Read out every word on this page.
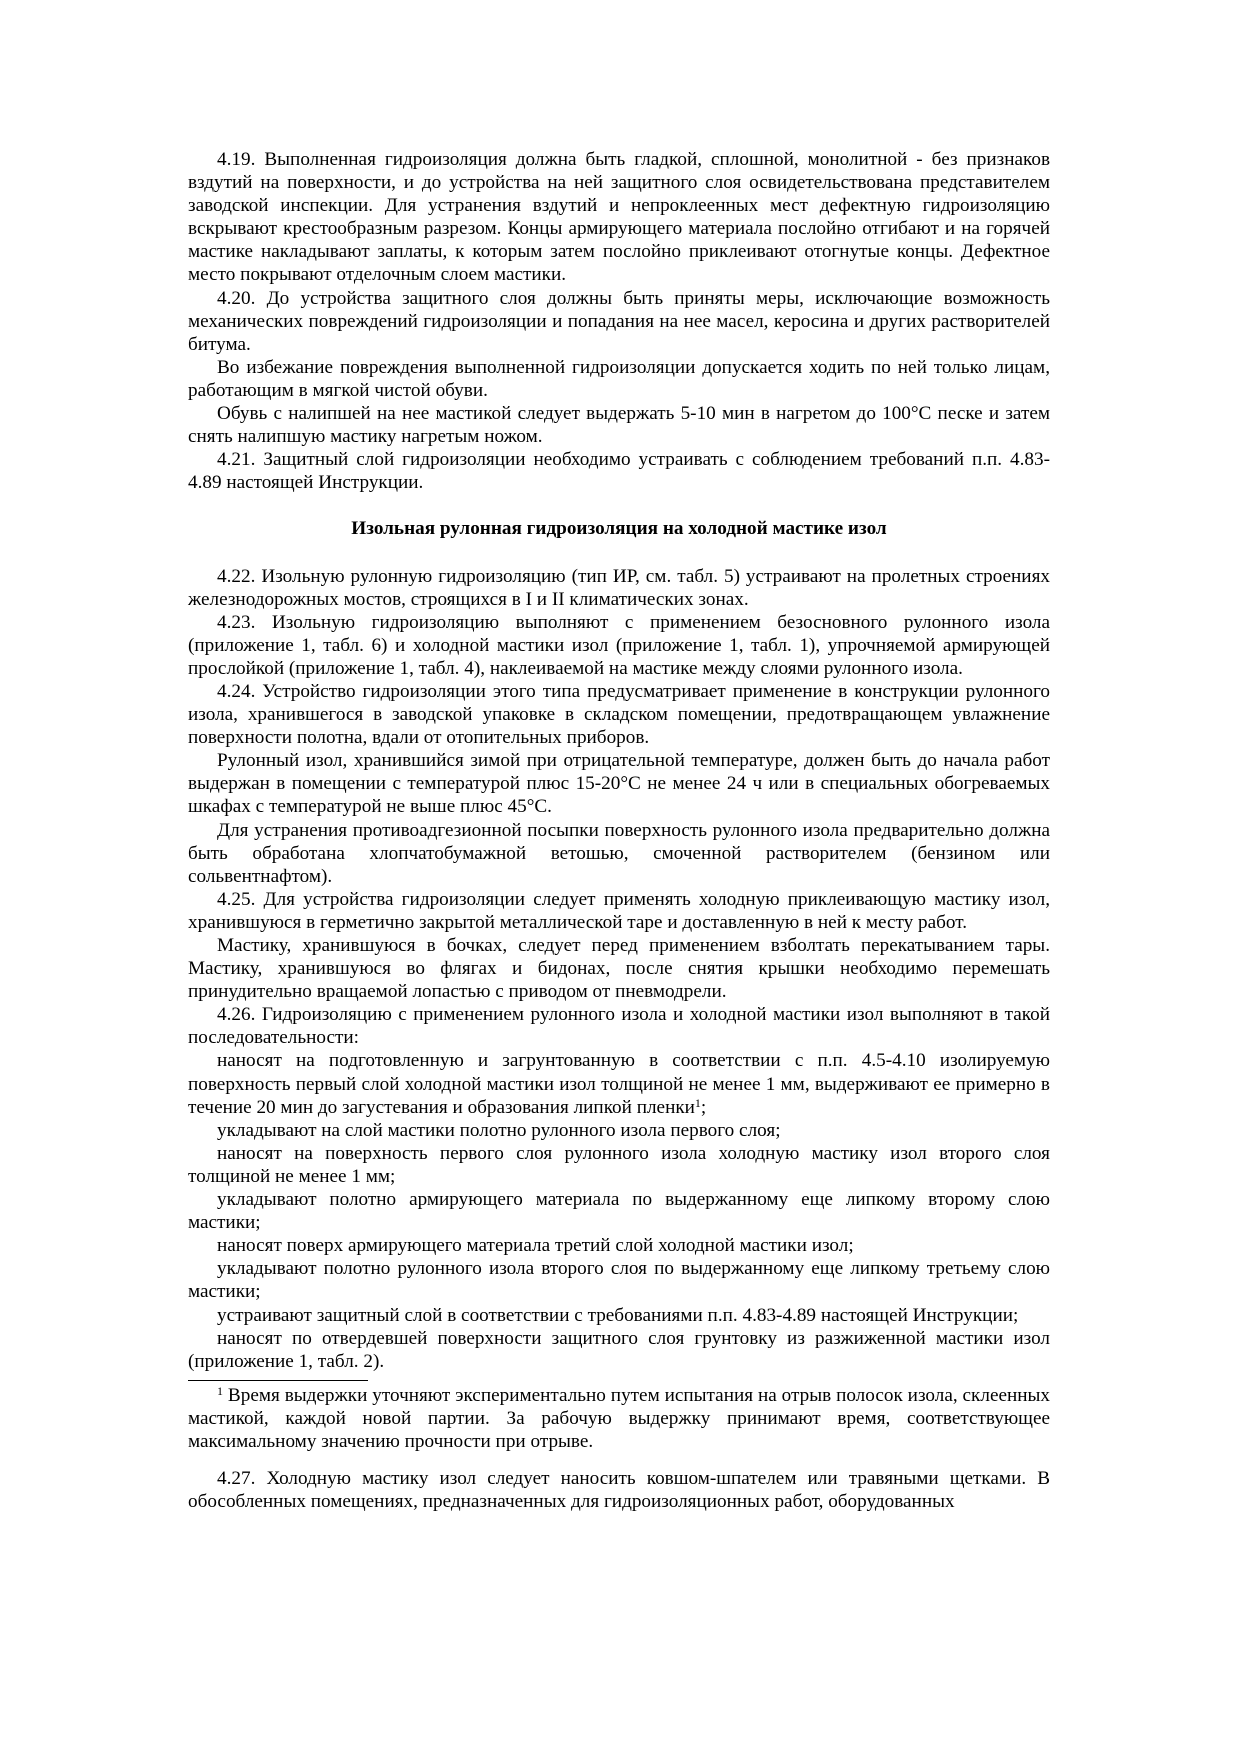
4.19. Выполненная гидроизоляция должна быть гладкой, сплошной, монолитной - без признаков вздутий на поверхности, и до устройства на ней защитного слоя освидетельствована представителем заводской инспекции. Для устранения вздутий и непроклеенных мест дефектную гидроизоляцию вскрывают крестообразным разрезом. Концы армирующего материала послойно отгибают и на горячей мастике накладывают заплаты, к которым затем послойно приклеивают отогнутые концы. Дефектное место покрывают отделочным слоем мастики.

4.20. До устройства защитного слоя должны быть приняты меры, исключающие возможность механических повреждений гидроизоляции и попадания на нее масел, керосина и других растворителей битума.

Во избежание повреждения выполненной гидроизоляции допускается ходить по ней только лицам, работающим в мягкой чистой обуви.

Обувь с налипшей на нее мастикой следует выдержать 5-10 мин в нагретом до 100°С песке и затем снять налипшую мастику нагретым ножом.

4.21. Защитный слой гидроизоляции необходимо устраивать с соблюдением требований п.п. 4.83-4.89 настоящей Инструкции.

Изольная рулонная гидроизоляция на холодной мастике изол

4.22. Изольную рулонную гидроизоляцию (тип ИР, см. табл. 5) устраивают на пролетных строениях железнодорожных мостов, строящихся в I и II климатических зонах.

4.23. Изольную гидроизоляцию выполняют с применением безосновного рулонного изола (приложение 1, табл. 6) и холодной мастики изол (приложение 1, табл. 1), упрочняемой армирующей прослойкой (приложение 1, табл. 4), наклеиваемой на мастике между слоями рулонного изола.

4.24. Устройство гидроизоляции этого типа предусматривает применение в конструкции рулонного изола, хранившегося в заводской упаковке в складском помещении, предотвращающем увлажнение поверхности полотна, вдали от отопительных приборов.

Рулонный изол, хранившийся зимой при отрицательной температуре, должен быть до начала работ выдержан в помещении с температурой плюс 15-20°С не менее 24 ч или в специальных обогреваемых шкафах с температурой не выше плюс 45°С.

Для устранения противоадгезионной посыпки поверхность рулонного изола предварительно должна быть обработана хлопчатобумажной ветошью, смоченной растворителем (бензином или сольвентнафтом).

4.25. Для устройства гидроизоляции следует применять холодную приклеивающую мастику изол, хранившуюся в герметично закрытой металлической таре и доставленную в ней к месту работ.

Мастику, хранившуюся в бочках, следует перед применением взболтать перекатыванием тары. Мастику, хранившуюся во флягах и бидонах, после снятия крышки необходимо перемешать принудительно вращаемой лопастью с приводом от пневмодрели.

4.26. Гидроизоляцию с применением рулонного изола и холодной мастики изол выполняют в такой последовательности:

наносят на подготовленную и загрунтованную в соответствии с п.п. 4.5-4.10 изолируемую поверхность первый слой холодной мастики изол толщиной не менее 1 мм, выдерживают ее примерно в течение 20 мин до загустевания и образования липкой пленки$^1$;

укладывают на слой мастики полотно рулонного изола первого слоя;

наносят на поверхность первого слоя рулонного изола холодную мастику изол второго слоя толщиной не менее 1 мм;

укладывают полотно армирующего материала по выдержанному еще липкому второму слою мастики;

наносят поверх армирующего материала третий слой холодной мастики изол;

укладывают полотно рулонного изола второго слоя по выдержанному еще липкому третьему слою мастики;

устраивают защитный слой в соответствии с требованиями п.п. 4.83-4.89 настоящей Инструкции;

наносят по отвердевшей поверхности защитного слоя грунтовку из разжиженной мастики изол (приложение 1, табл. 2).

$^1$ Время выдержки уточняют экспериментально путем испытания на отрыв полосок изола, склеенных мастикой, каждой новой партии. За рабочую выдержку принимают время, соответствующее максимальному значению прочности при отрыве.

4.27. Холодную мастику изол следует наносить ковшом-шпателем или травяными щетками. В обособленных помещениях, предназначенных для гидроизоляционных работ, оборудованных
